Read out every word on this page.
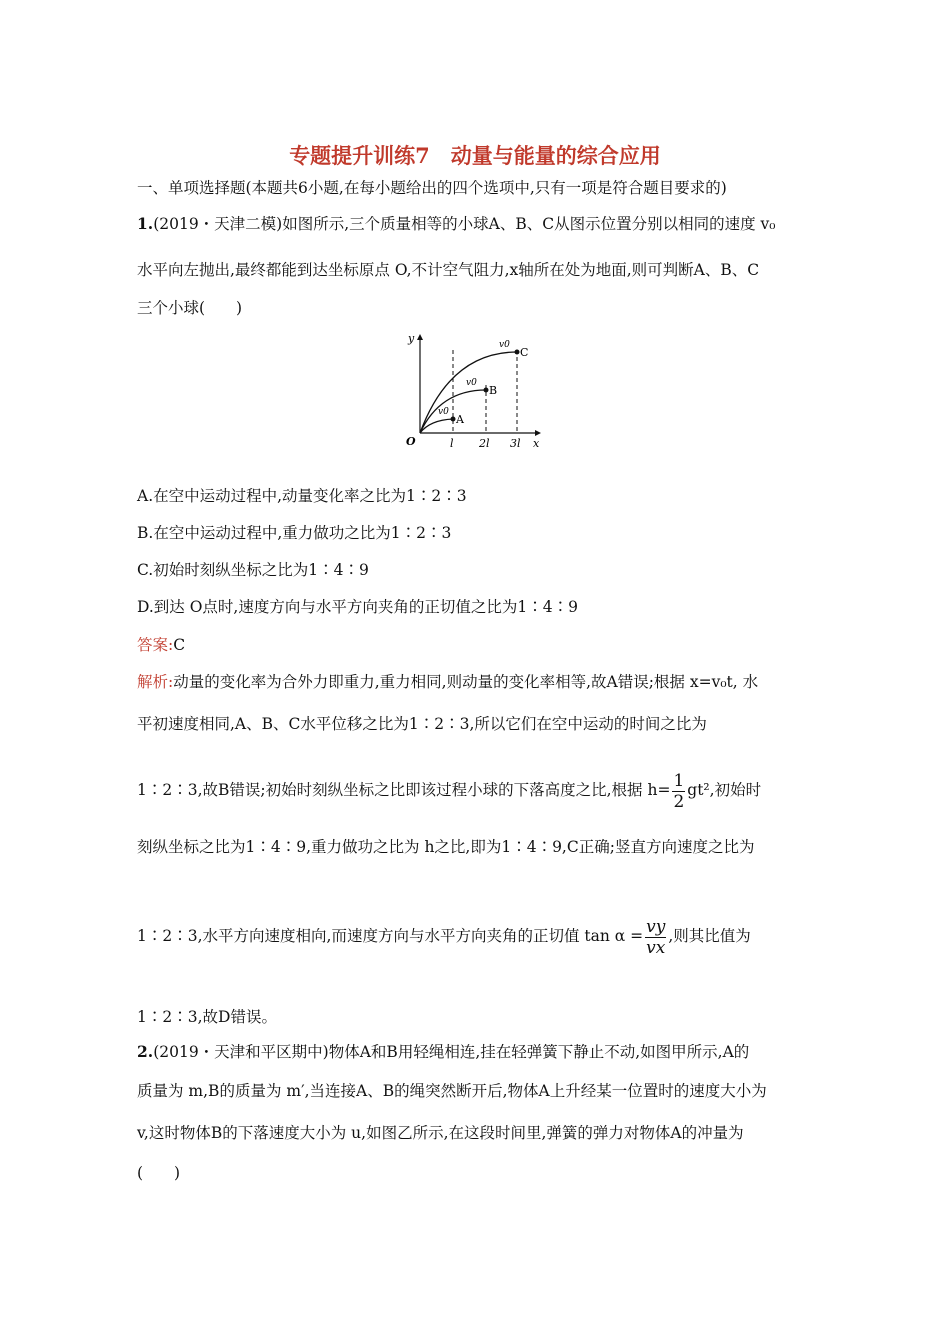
专题提升训练7　动量与能量的综合应用
一、单项选择题(本题共6小题,在每小题给出的四个选项中,只有一项是符合题目要求的)
1.(2019・天津二模)如图所示,三个质量相等的小球A、B、C从图示位置分别以相同的速度 v₀
水平向左抛出,最终都能到达坐标原点 O,不计空气阻力,x轴所在处为地面,则可判断A、B、C
三个小球(　　)
y
x
O	l 2l 3l
A
B
C
v0
v0
v0
A.在空中运动过程中,动量变化率之比为1∶2∶3
B.在空中运动过程中,重力做功之比为1∶2∶3
C.初始时刻纵坐标之比为1∶4∶9
D.到达 O点时,速度方向与水平方向夹角的正切值之比为1∶4∶9
答案:C
解析:动量的变化率为合外力即重力,重力相同,则动量的变化率相等,故A错误;根据 x=v₀t, 水
平初速度相同,A、B、C水平位移之比为1∶2∶3,所以它们在空中运动的时间之比为
1∶2∶3,故B错误;初始时刻纵坐标之比即该过程小球的下落高度之比,根据 $h= \frac{1}{2} gt^2$,初始时
刻纵坐标之比为1∶4∶9,重力做功之比为 h之比,即为1∶4∶9,C正确;竖直方向速度之比为
1∶2∶3,水平方向速度相向,而速度方向与水平方向夹角的正切值 $\tan \alpha = \frac{vy}{vx}$ ,则其比值为
1∶2∶3,故D错误。
2.(2019・天津和平区期中)物体A和B用轻绳相连,挂在轻弹簧下静止不动,如图甲所示,A的
质量为 m,B的质量为 m′,当连接A、B的绳突然断开后,物体A上升经某一位置时的速度大小为
v,这时物体B的下落速度大小为 u,如图乙所示,在这段时间里,弹簧的弹力对物体A的冲量为
(　　)
